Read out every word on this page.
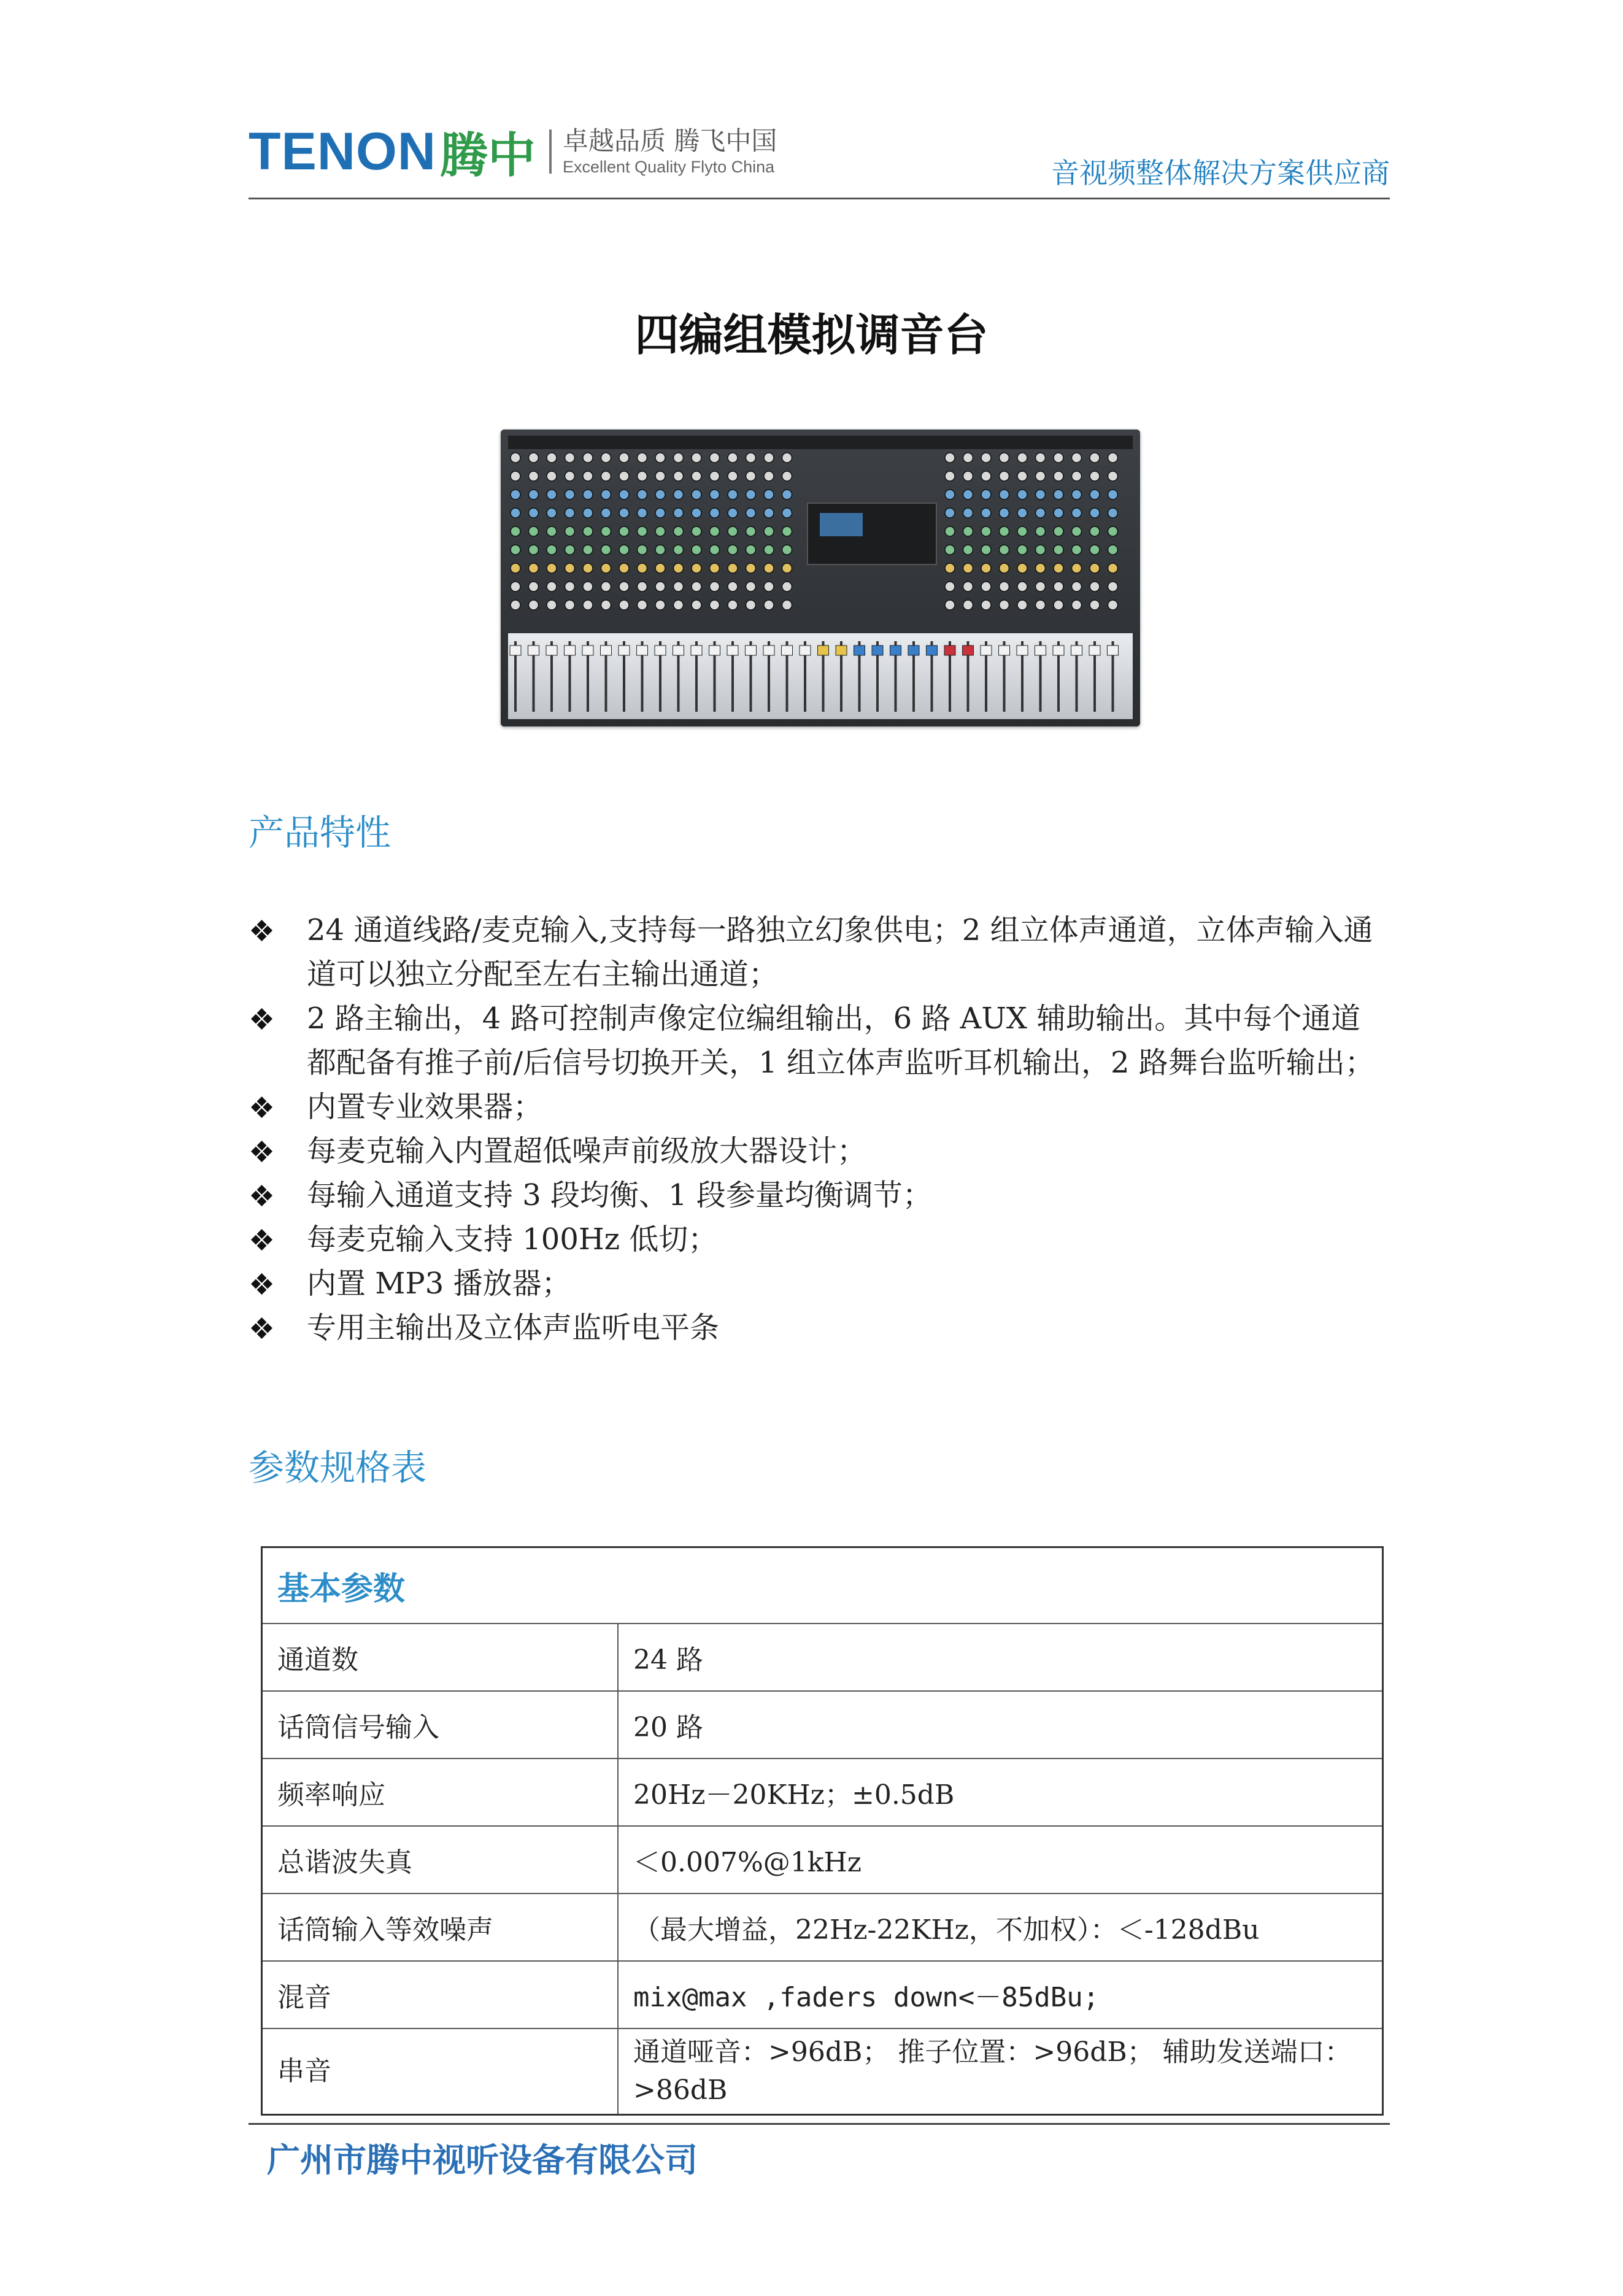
TENON 腾中 卓越品质 腾飞中国
Excellent Quality Flyto China	音视频整体解决方案供应商
四编组模拟调音台
产品特性
❖	24 通道线路/麦克输入,支持每一路独立幻象供电；2 组立体声通道，立体声输入通道可以独立分配至左右主输出通道；
❖	2 路主输出，4 路可控制声像定位编组输出，6 路 AUX 辅助输出。其中每个通道都配备有推子前/后信号切换开关，1 组立体声监听耳机输出，2 路舞台监听输出；
❖	内置专业效果器；
❖	每麦克输入内置超低噪声前级放大器设计；
❖	每输入通道支持 3 段均衡、1 段参量均衡调节；
❖	每麦克输入支持 100Hz 低切；
❖	内置 MP3 播放器；
❖	专用主输出及立体声监听电平条
参数规格表
基本参数	
通道数	24 路
话筒信号输入	20 路
频率响应	20Hz－20KHz；±0.5dB
总谐波失真	＜0.007%@1kHz
话筒输入等效噪声	（最大增益，22Hz-22KHz，不加权）：＜-128dBu
混音	mix@max ,faders down<－85dBu;
串音	通道哑音：>96dB； 推子位置：>96dB； 辅助发送端口：>86dB
广州市腾中视听设备有限公司
